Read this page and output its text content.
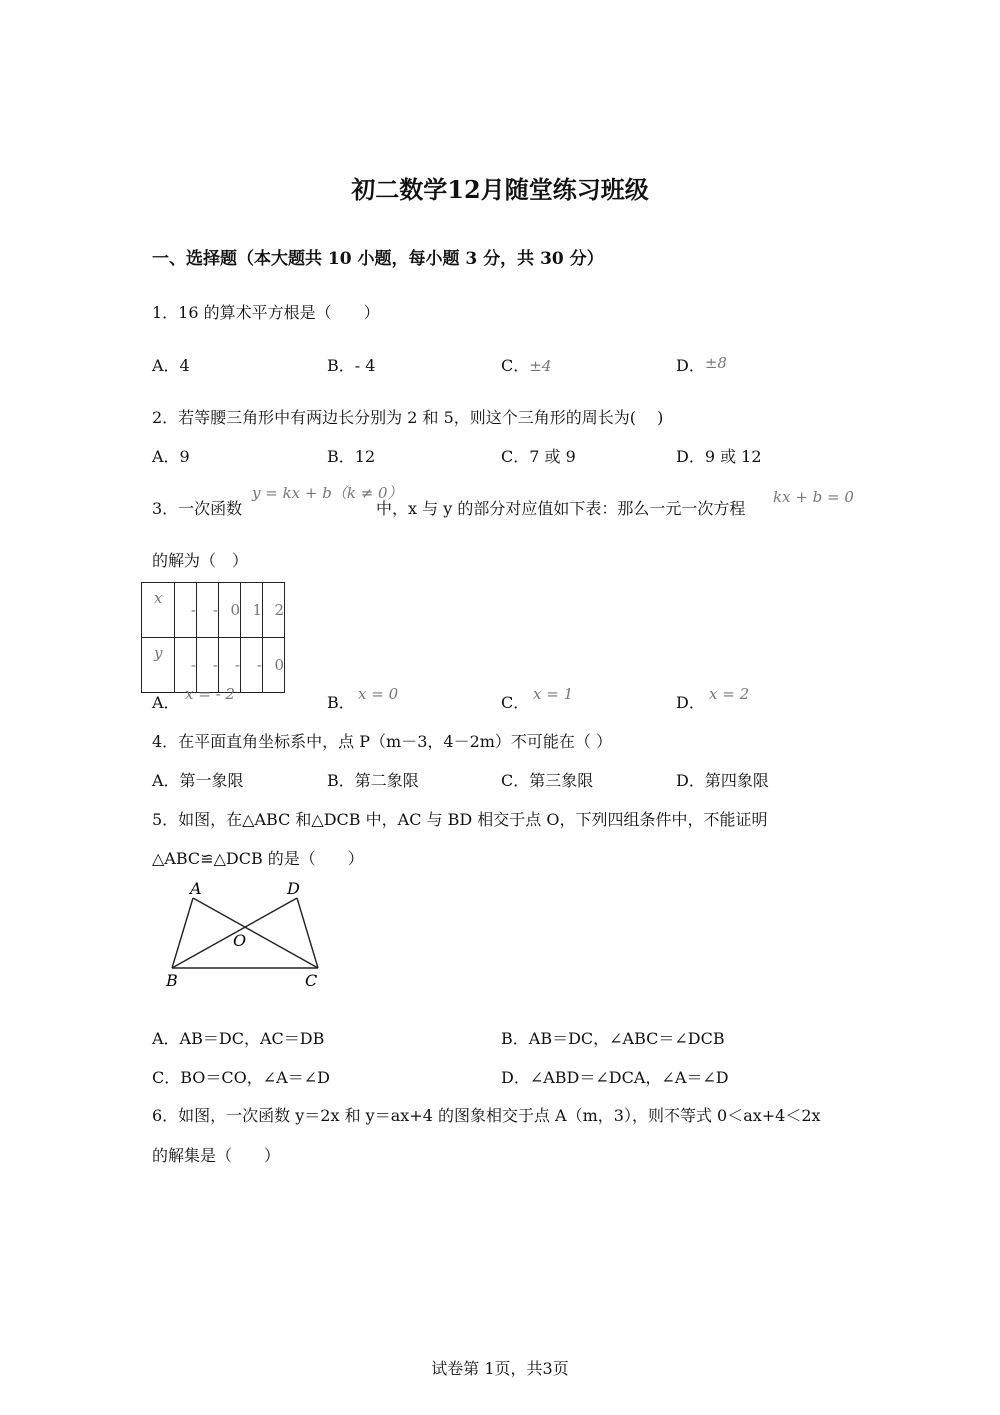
初二数学12月随堂练习班级
一、选择题（本大题共 10 小题，每小题 3 分，共 30 分）
1．16 的算术平方根是（　　）
A．4	B．- 4	C．±4	D．±8
2．若等腰三角形中有两边长分别为 2 和 5，则这个三角形的周长为(　 )
A．9	B．12	C．7 或 9	D．9 或 12
3．一次函数
y = kx + b（k ≠ 0）
中，x 与 y 的部分对应值如下表：那么一元一次方程
kx + b = 0
的解为（　）
x	-	-	0	1	2
y	-	-	-	-	0
A． x = - 2	B． x = 0	C． x = 1	D． x = 2
4．在平面直角坐标系中，点 P（m－3，4－2m）不可能在（ ）
A．第一象限	B．第二象限	C．第三象限	D．第四象限
5．如图，在△ABC 和△DCB 中，AC 与 BD 相交于点 O，下列四组条件中，不能证明
△ABC≌△DCB 的是（　　）
A	D
O
B	C
A．AB＝DC，AC＝DB	B．AB＝DC，∠ABC＝∠DCB
C．BO＝CO，∠A＝∠D	D．∠ABD＝∠DCA，∠A＝∠D
6．如图，一次函数 y＝2x 和 y＝ax+4 的图象相交于点 A（m，3），则不等式 0＜ax+4＜2x
的解集是（　　）
试卷第 1页，共3页
